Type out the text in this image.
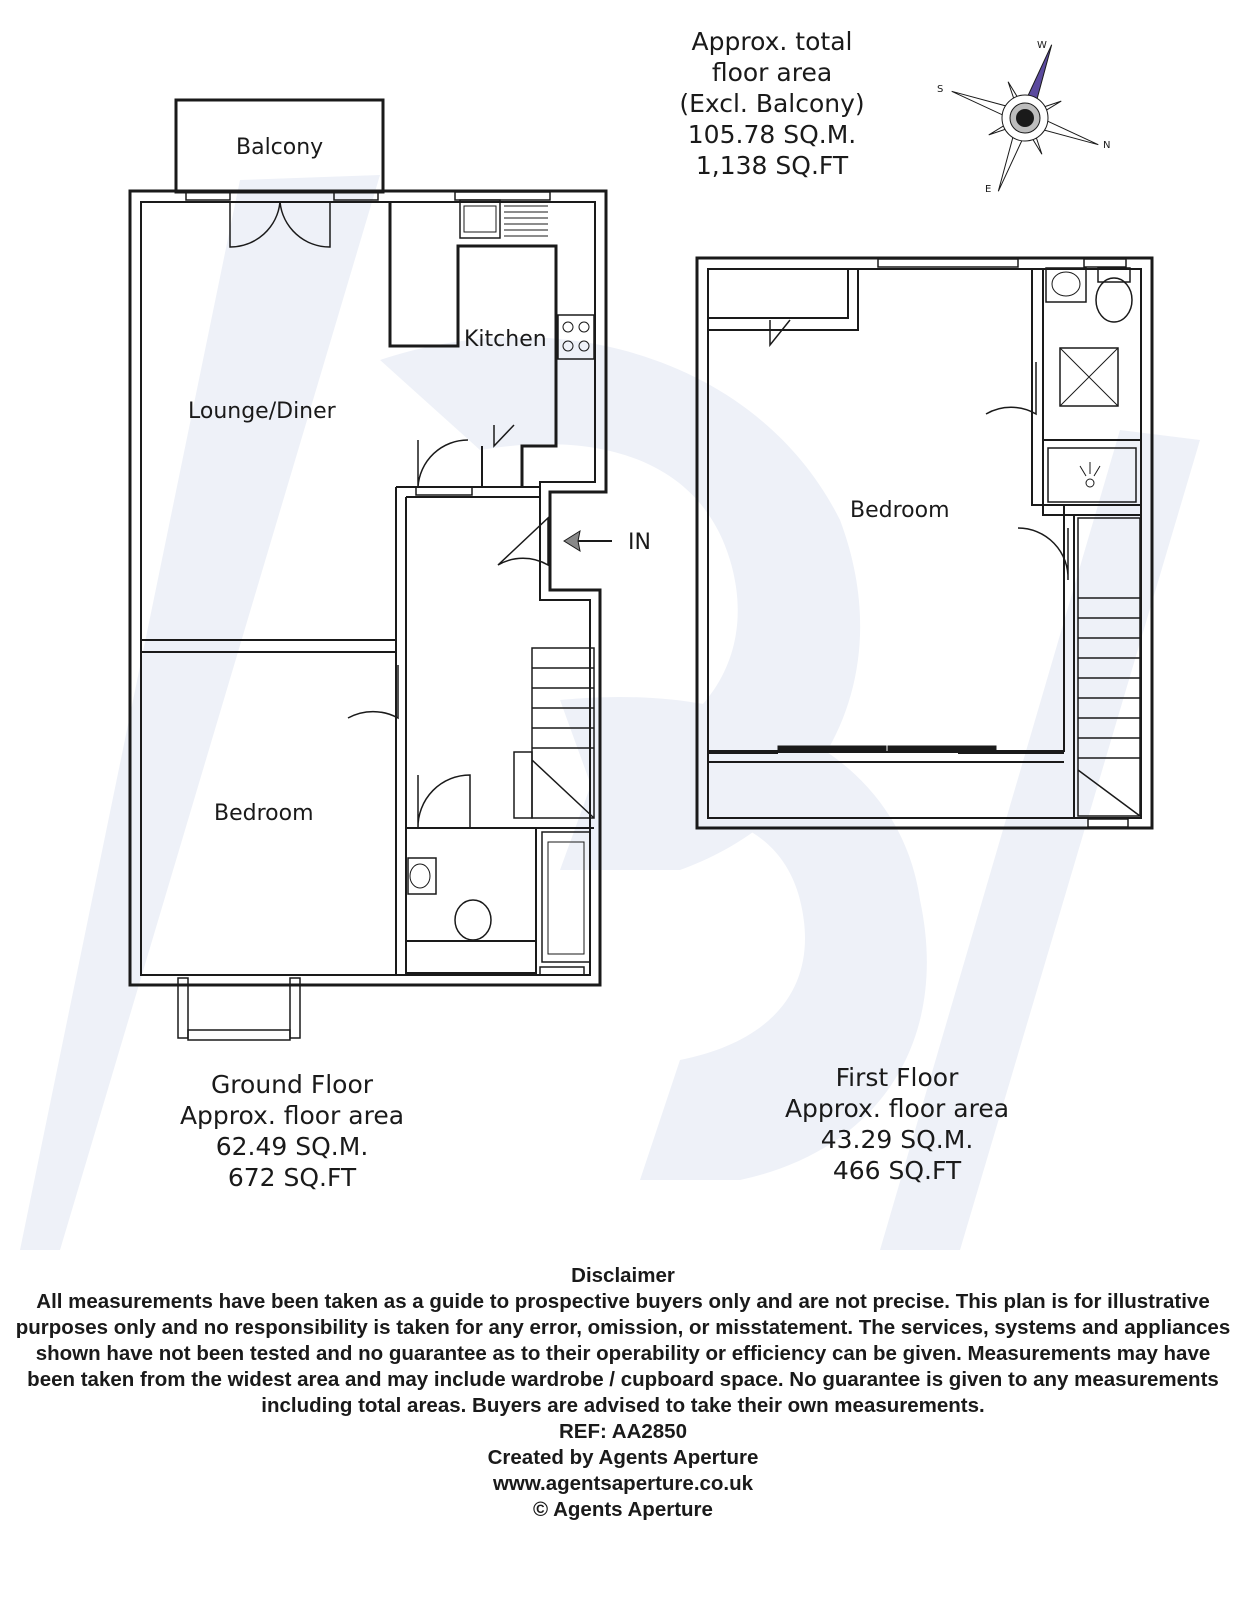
Approx. total
floor area
(Excl. Balcony)
105.78 SQ.M.
1,138 SQ.FT
W
S
N
E
Balcony
Lounge/Diner
Kitchen
Bedroom
IN
Ground Floor
Approx. floor area
62.49 SQ.M.
672 SQ.FT
Bedroom
First Floor
Approx. floor area
43.29 SQ.M.
466 SQ.FT
Disclaimer
All measurements have been taken as a guide to prospective buyers only and are not precise. This plan is for illustrative purposes only and no responsibility is taken for any error, omission, or misstatement. The services, systems and appliances shown have not been tested and no guarantee as to their operability or efficiency can be given. Measurements may have been taken from the widest area and may include wardrobe / cupboard space. No guarantee is given to any measurements including total areas. Buyers are advised to take their own measurements.
REF: AA2850
Created by Agents Aperture
www.agentsaperture.co.uk
© Agents Aperture
